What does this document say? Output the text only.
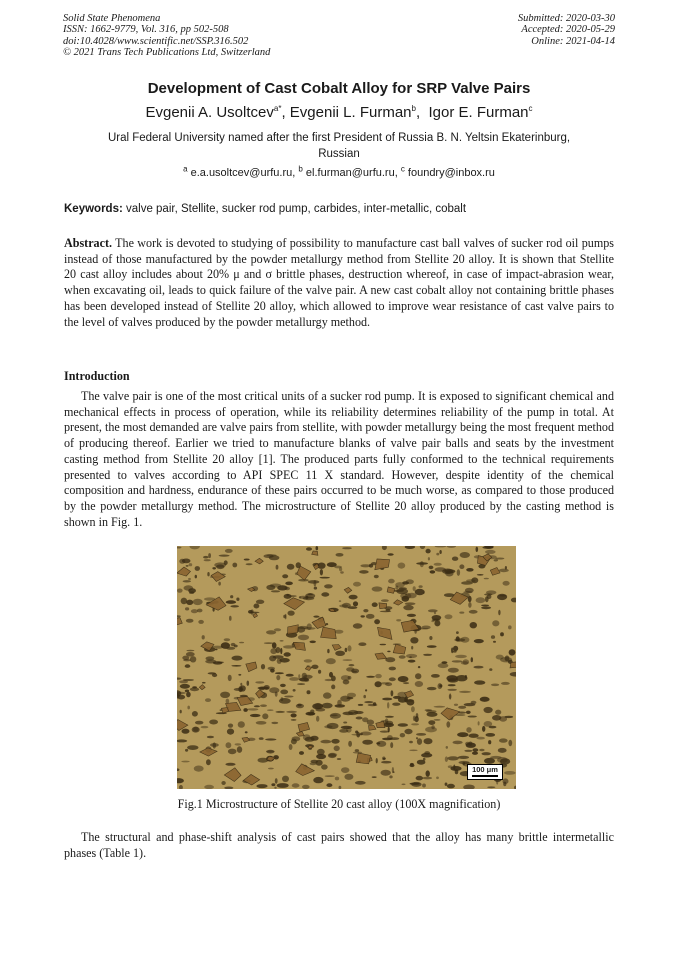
Solid State Phenomena
ISSN: 1662-9779, Vol. 316, pp 502-508
doi:10.4028/www.scientific.net/SSP.316.502
© 2021 Trans Tech Publications Ltd, Switzerland
Submitted: 2020-03-30
Accepted: 2020-05-29
Online: 2021-04-14
Development of Cast Cobalt Alloy for SRP Valve Pairs
Evgenii A. Usoltcev$^{a*}$, Evgenii L. Furman$^b$,  Igor E. Furman$^c$
Ural Federal University named after the first President of Russia B. N. Yeltsin Ekaterinburg, Russian
$^a$ e.a.usoltcev@urfu.ru, $^b$ el.furman@urfu.ru, $^c$ foundry@inbox.ru
Keywords: valve pair, Stellite, sucker rod pump, carbides, inter-metallic, cobalt
Abstract. The work is devoted to studying of possibility to manufacture cast ball valves of sucker rod oil pumps instead of those manufactured by the powder metallurgy method from Stellite 20 alloy. It is shown that Stellite 20 cast alloy includes about 20% μ and σ brittle phases, destruction whereof, in case of impact-abrasion wear, when excavating oil, leads to quick failure of the valve pair. A new cast cobalt alloy not containing brittle phases has been developed instead of Stellite 20 alloy, which allowed to improve wear resistance of cast valve pairs to the level of valves produced by the powder metallurgy method.
Introduction
The valve pair is one of the most critical units of a sucker rod pump. It is exposed to significant chemical and mechanical effects in process of operation, while its reliability determines reliability of the pump in total. At present, the most demanded are valve pairs from stellite, with powder metallurgy being the most frequent method of producing thereof. Earlier we tried to manufacture blanks of valve pair balls and seats by the investment casting method from Stellite 20 alloy [1]. The produced parts fully conformed to the technical requirements presented to valves according to API SPEC 11 X standard. However, despite identity of the chemical composition and hardness, endurance of these pairs occurred to be much worse, as compared to those produced by the powder metallurgy method. The microstructure of Stellite 20 alloy produced by the casting method is shown in Fig. 1.
100 μm
Fig.1 Microstructure of Stellite 20 cast alloy (100X magnification)
The structural and phase-shift analysis of cast pairs showed that the alloy has many brittle intermetallic phases (Table 1).
